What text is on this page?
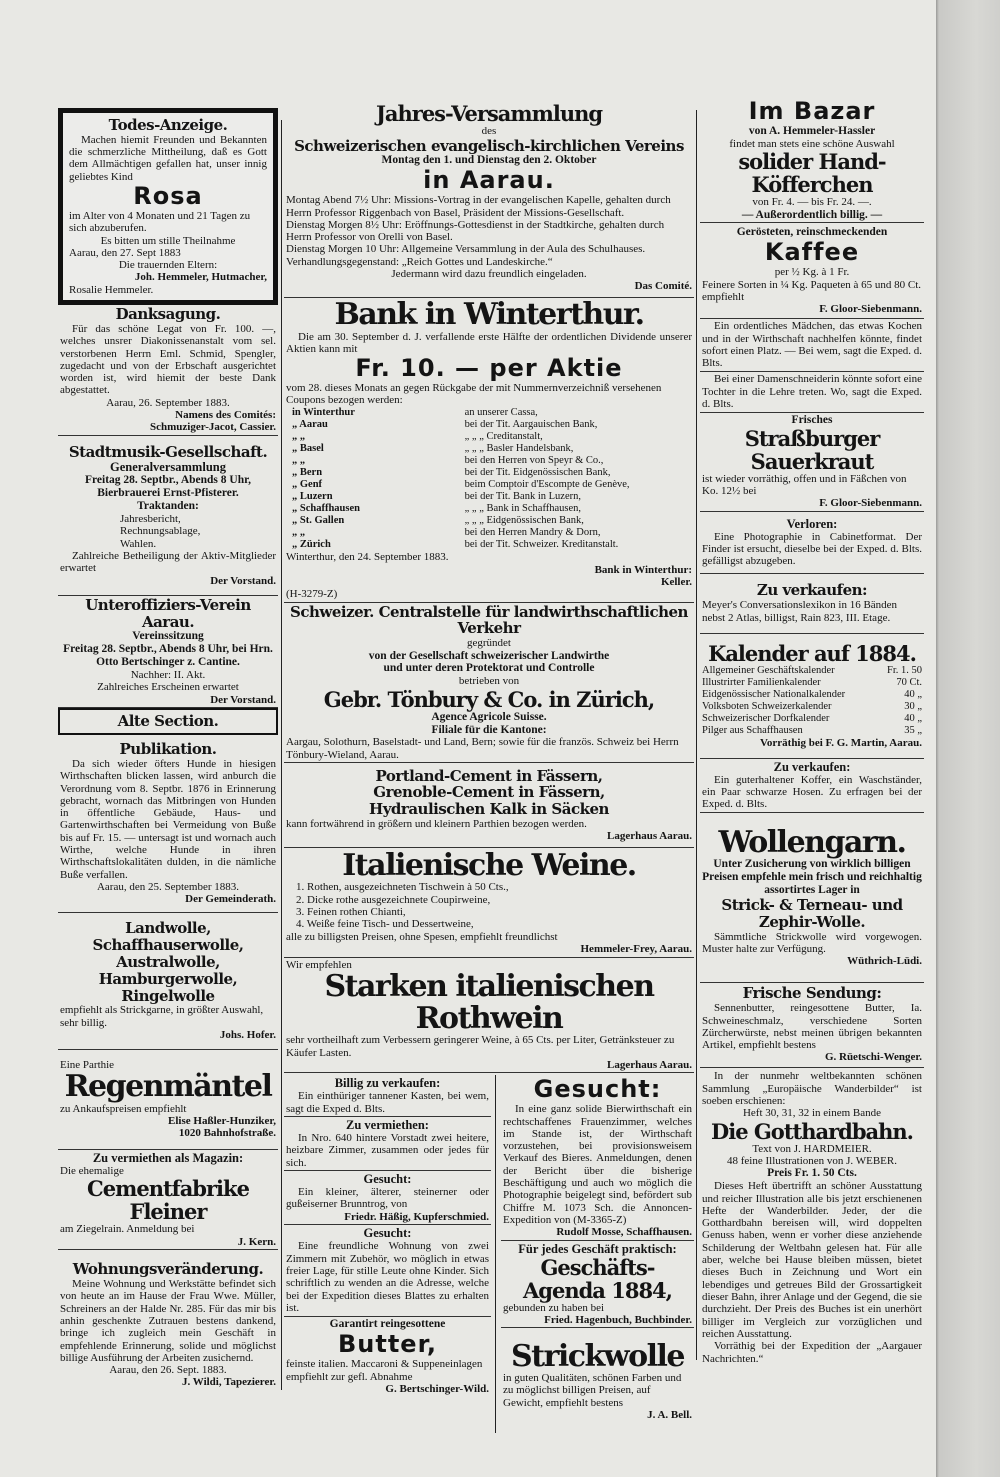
Todes-Anzeige.

Machen hiemit Freunden und Bekannten die schmerzliche Mittheilung, daß es Gott dem Allmächtigen gefallen hat, unser innig geliebtes Kind

Rosa

im Alter von 4 Monaten und 21 Tagen zu sich abzuberufen.

Es bitten um stille Theilnahme

Aarau, den 27. Sept 1883

Die trauernden Eltern:

Joh. Hemmeler, Hutmacher,

Rosalie Hemmeler.

Danksagung.

Für das schöne Legat von Fr. 100. —, welches unsrer Diakonissenanstalt vom sel. verstorbenen Herrn Eml. Schmid, Spengler, zugedacht und von der Erbschaft ausgerichtet worden ist, wird hiemit der beste Dank abgestattet.

Aarau, 26. September 1883.

Namens des Comités:

Schmuziger-Jacot, Cassier.

Stadtmusik-Gesellschaft.

Generalversammlung

Freitag 28. Septbr., Abends 8 Uhr, Bierbrauerei Ernst-Pfisterer.

Traktanden:

Jahresbericht,

Rechnungsablage,

Wahlen.

Zahlreiche Betheiligung der Aktiv-Mitglieder erwartet

Der Vorstand.

Unteroffiziers-Verein Aarau.

Vereinssitzung

Freitag 28. Septbr., Abends 8 Uhr, bei Hrn. Otto Bertschinger z. Cantine.

Nachher: II. Akt.

Zahlreiches Erscheinen erwartet

Der Vorstand.

Alte Section.

Publikation.

Da sich wieder öfters Hunde in hiesigen Wirthschaften blicken lassen, wird anburch die Verordnung vom 8. Septbr. 1876 in Erinnerung gebracht, wornach das Mitbringen von Hunden in öffentliche Gebäude, Haus- und Gartenwirthschaften bei Vermeidung von Buße bis auf Fr. 15. — untersagt ist und wornach auch Wirthe, welche Hunde in ihren Wirthschaftslokalitäten dulden, in die nämliche Buße verfallen.

Aarau, den 25. September 1883.

Der Gemeinderath.

Landwolle,

Schaffhauserwolle,

Australwolle,

Hamburgerwolle,

Ringelwolle

empfiehlt als Strickgarne, in größter Auswahl, sehr billig.

Johs. Hofer.

Eine Parthie

Regenmäntel

zu Ankaufspreisen empfiehlt

Elise Haßler-Hunziker,

1020 Bahnhofstraße.

Zu vermiethen als Magazin:

Die ehemalige

Cementfabrike Fleiner

am Ziegelrain. Anmeldung bei

J. Kern.

Wohnungsveränderung.

Meine Wohnung und Werkstätte befindet sich von heute an im Hause der Frau Wwe. Müller, Schreiners an der Halde Nr. 285. Für das mir bis anhin geschenkte Zutrauen bestens dankend, bringe ich zugleich mein Geschäft in empfehlende Erinnerung, solide und möglichst billige Ausführung der Arbeiten zusichernd.

Aarau, den 26. Sept. 1883.

J. Wildi, Tapezierer.

Jahres-Versammlung

des

Schweizerischen evangelisch-kirchlichen Vereins

Montag den 1. und Dienstag den 2. Oktober

in Aarau.

Montag Abend 7½ Uhr: Missions-Vortrag in der evangelischen Kapelle, gehalten durch Herrn Professor Riggenbach von Basel, Präsident der Missions-Gesellschaft.

Dienstag Morgen 8½ Uhr: Eröffnungs-Gottesdienst in der Stadtkirche, gehalten durch Herrn Professor von Orelli von Basel.

Dienstag Morgen 10 Uhr: Allgemeine Versammlung in der Aula des Schulhauses. Verhandlungsgegenstand: „Reich Gottes und Landeskirche.“

Jedermann wird dazu freundlich eingeladen.

Das Comité.

Bank in Winterthur.

Die am 30. September d. J. verfallende erste Hälfte der ordentlichen Dividende unserer Aktien kann mit

Fr. 10. — per Aktie

vom 28. dieses Monats an gegen Rückgabe der mit Nummernverzeichniß versehenen Coupons bezogen werden:

in Winterthur	an unserer Cassa,
„ Aarau	bei der Tit. Aargauischen Bank,
„ „	„ „ „ Creditanstalt,
„ Basel	„ „ „ Basler Handelsbank,
„ „	bei den Herren von Speyr & Co.,
„ Bern	bei der Tit. Eidgenössischen Bank,
„ Genf	beim Comptoir d'Escompte de Genève,
„ Luzern	bei der Tit. Bank in Luzern,
„ Schaffhausen	„ „ „ Bank in Schaffhausen,
„ St. Gallen	„ „ „ Eidgenössischen Bank,
„ „	bei den Herren Mandry & Dorn,
„ Zürich	bei der Tit. Schweizer. Kreditanstalt.

Winterthur, den 24. September 1883.

Bank in Winterthur:

Keller.

(H-3279-Z)

Schweizer. Centralstelle für landwirthschaftlichen Verkehr

gegründet

von der Gesellschaft schweizerischer Landwirthe

und unter deren Protektorat und Controlle

betrieben von

Gebr. Tönbury & Co. in Zürich,

Agence Agricole Suisse.

Filiale für die Kantone:

Aargau, Solothurn, Baselstadt- und Land, Bern; sowie für die französ. Schweiz bei Herrn Tönbury-Wieland, Aarau.

Portland-Cement in Fässern,

Grenoble-Cement in Fässern,

Hydraulischen Kalk in Säcken

kann fortwährend in größern und kleinern Parthien bezogen werden.

Lagerhaus Aarau.

Italienische Weine.

1. Rothen, ausgezeichneten Tischwein à 50 Cts.,

2. Dicke rothe ausgezeichnete Coupirweine,

3. Feinen rothen Chianti,

4. Weiße feine Tisch- und Dessertweine,

alle zu billigsten Preisen, ohne Spesen, empfiehlt freundlichst

Hemmeler-Frey, Aarau.

Wir empfehlen

Starken italienischen Rothwein

sehr vortheilhaft zum Verbessern geringerer Weine, à 65 Cts. per Liter, Getränksteuer zu Käufer Lasten.

Lagerhaus Aarau.

Billig zu verkaufen:

Ein einthüriger tannener Kasten, bei wem, sagt die Exped d. Blts.

Zu vermiethen:

In Nro. 640 hintere Vorstadt zwei heitere, heizbare Zimmer, zusammen oder jedes für sich.

Gesucht:

Ein kleiner, älterer, steinerner oder gußeiserner Brunntrog, von

Friedr. Häßig, Kupferschmied.

Gesucht:

Eine freundliche Wohnung von zwei Zimmern mit Zubehör, wo möglich in etwas freier Lage, für stille Leute ohne Kinder. Sich schriftlich zu wenden an die Adresse, welche bei der Expedition dieses Blattes zu erhalten ist.

Garantirt reingesottene

Butter,

feinste italien. Maccaroni & Suppeneinlagen empfiehlt zur gefl. Abnahme

G. Bertschinger-Wild.

Gesucht:

In eine ganz solide Bierwirthschaft ein rechtschaffenes Frauenzimmer, welches im Stande ist, der Wirthschaft vorzustehen, bei provisionsweisem Verkauf des Bieres. Anmeldungen, denen der Bericht über die bisherige Beschäftigung und auch wo möglich die Photographie beigelegt sind, befördert sub Chiffre M. 1073 Sch. die Annoncen-Expedition von (M-3365-Z)

Rudolf Mosse, Schaffhausen.

Für jedes Geschäft praktisch:

Geschäfts-Agenda 1884,

gebunden zu haben bei

Fried. Hagenbuch, Buchbinder.

Strickwolle

in guten Qualitäten, schönen Farben und zu möglichst billigen Preisen, auf Gewicht, empfiehlt bestens

J. A. Bell.

Im Bazar

von A. Hemmeler-Hassler

findet man stets eine schöne Auswahl

solider Hand-Köfferchen

von Fr. 4. — bis Fr. 24. —.

— Außerordentlich billig. —

Gerösteten, reinschmeckenden

Kaffee

per ½ Kg. à 1 Fr.

Feinere Sorten in ¼ Kg. Paqueten à 65 und 80 Ct. empfiehlt

F. Gloor-Siebenmann.

Ein ordentliches Mädchen, das etwas Kochen und in der Wirthschaft nachhelfen könnte, findet sofort einen Platz. — Bei wem, sagt die Exped. d. Blts.

Bei einer Damenschneiderin könnte sofort eine Tochter in die Lehre treten. Wo, sagt die Exped. d. Blts.

Frisches

Straßburger Sauerkraut

ist wieder vorräthig, offen und in Fäßchen von Ko. 12½ bei

F. Gloor-Siebenmann.

Verloren:

Eine Photographie in Cabinetformat. Der Finder ist ersucht, dieselbe bei der Exped. d. Blts. gefälligst abzugeben.

Zu verkaufen:

Meyer's Conversationslexikon in 16 Bänden nebst 2 Atlas, billigst, Rain 823, III. Etage.

Kalender auf 1884.

Allgemeiner Geschäftskalender	Fr. 1. 50
Illustrirter Familienkalender	70 Ct.
Eidgenössischer Nationalkalender	40 „
Volksboten Schweizerkalender	30 „
Schweizerischer Dorfkalender	40 „
Pilger aus Schaffhausen	35 „

Vorräthig bei F. G. Martin, Aarau.

Zu verkaufen:

Ein guterhaltener Koffer, ein Waschständer, ein Paar schwarze Hosen. Zu erfragen bei der Exped. d. Blts.

Wollengarn.

Unter Zusicherung von wirklich billigen Preisen empfehle mein frisch und reichhaltig assortirtes Lager in

Strick- & Terneau- und Zephir-Wolle.

Sämmtliche Strickwolle wird vorgewogen. Muster halte zur Verfügung.

Wüthrich-Lüdi.

Frische Sendung:

Sennenbutter, reingesottene Butter, Ia. Schweineschmalz, verschiedene Sorten Zürcherwürste, nebst meinen übrigen bekannten Artikel, empfiehlt bestens

G. Rüetschi-Wenger.

In der nunmehr weltbekannten schönen Sammlung „Europäische Wanderbilder“ ist soeben erschienen:

Heft 30, 31, 32 in einem Bande

Die Gotthardbahn.

Text von J. HARDMEIER.

48 feine Illustrationen von J. WEBER.

Preis Fr. 1. 50 Cts.

Dieses Heft übertrifft an schöner Ausstattung und reicher Illustration alle bis jetzt erschienenen Hefte der Wanderbilder. Jeder, der die Gotthardbahn bereisen will, wird doppelten Genuss haben, wenn er vorher diese anziehende Schilderung der Weltbahn gelesen hat. Für alle aber, welche bei Hause bleiben müssen, bietet dieses Buch in Zeichnung und Wort ein lebendiges und getreues Bild der Grossartigkeit dieser Bahn, ihrer Anlage und der Gegend, die sie durchzieht. Der Preis des Buches ist ein unerhört billiger im Vergleich zur vorzüglichen und reichen Ausstattung.

Vorräthig bei der Expedition der „Aargauer Nachrichten.“
